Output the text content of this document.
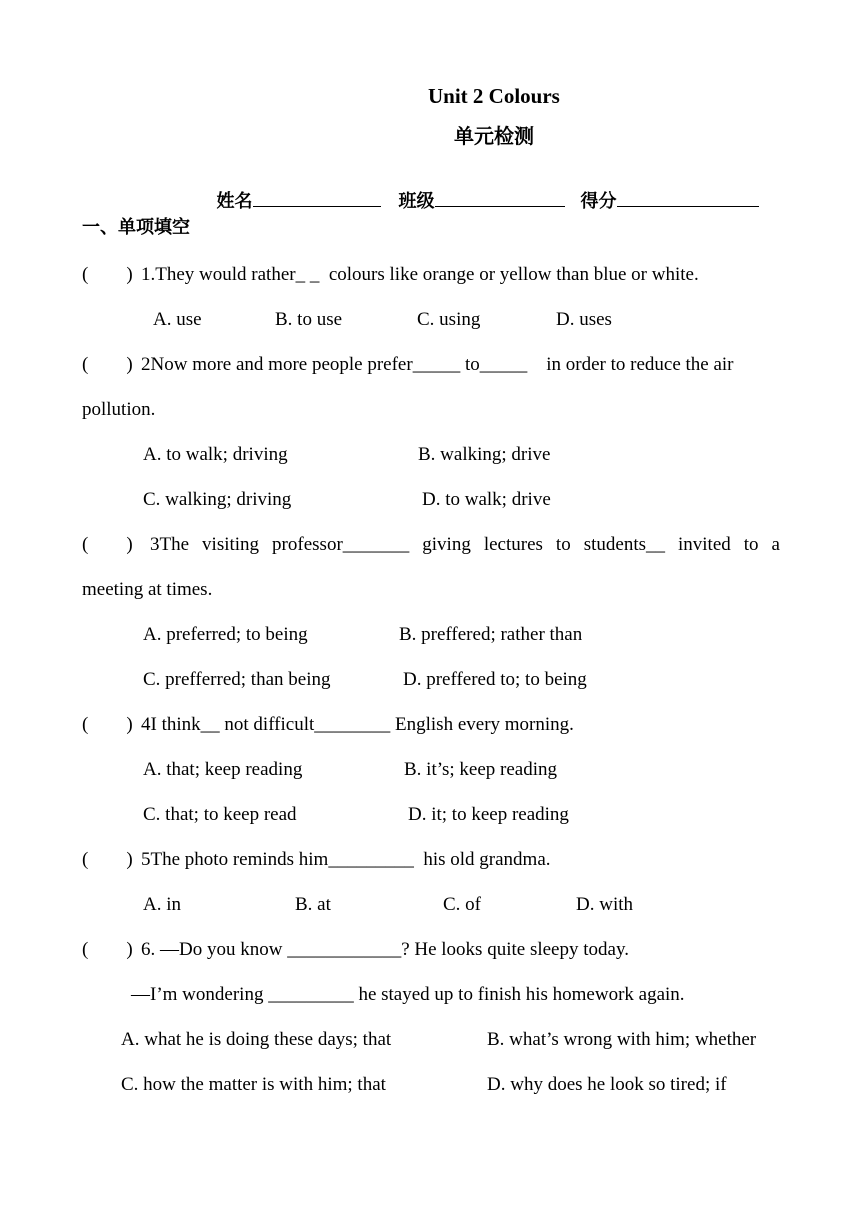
Unit 2 Colours
单元检测

姓名	班级	得分

一、单项填空
(        ) 1.They would rather_ _  colours like orange or yellow than blue or white.
A. use	B. to use	C. using	D. uses
(        ) 2Now more and more people prefer_____ to_____    in order to reduce the air
pollution.
A. to walk; driving	B. walking; drive
C. walking; driving	D. to walk; drive
(        ) 3The visiting professor_______ giving lectures to students__ invited to a
meeting at times.
A. preferred; to being	B. preffered; rather than
C. prefferred; than being	D. preffered to; to being
(        ) 4I think__ not difficult________ English every morning.
A. that; keep reading	B. it’s; keep reading
C. that; to keep read	D. it; to keep reading
(        ) 5The photo reminds him_________  his old grandma.
A. in	B. at	C. of	D. with
(        ) 6. —Do you know ____________? He looks quite sleepy today.
—I’m wondering _________ he stayed up to finish his homework again.
A. what he is doing these days; that	B. what’s wrong with him; whether
C. how the matter is with him; that	D. why does he look so tired; if
